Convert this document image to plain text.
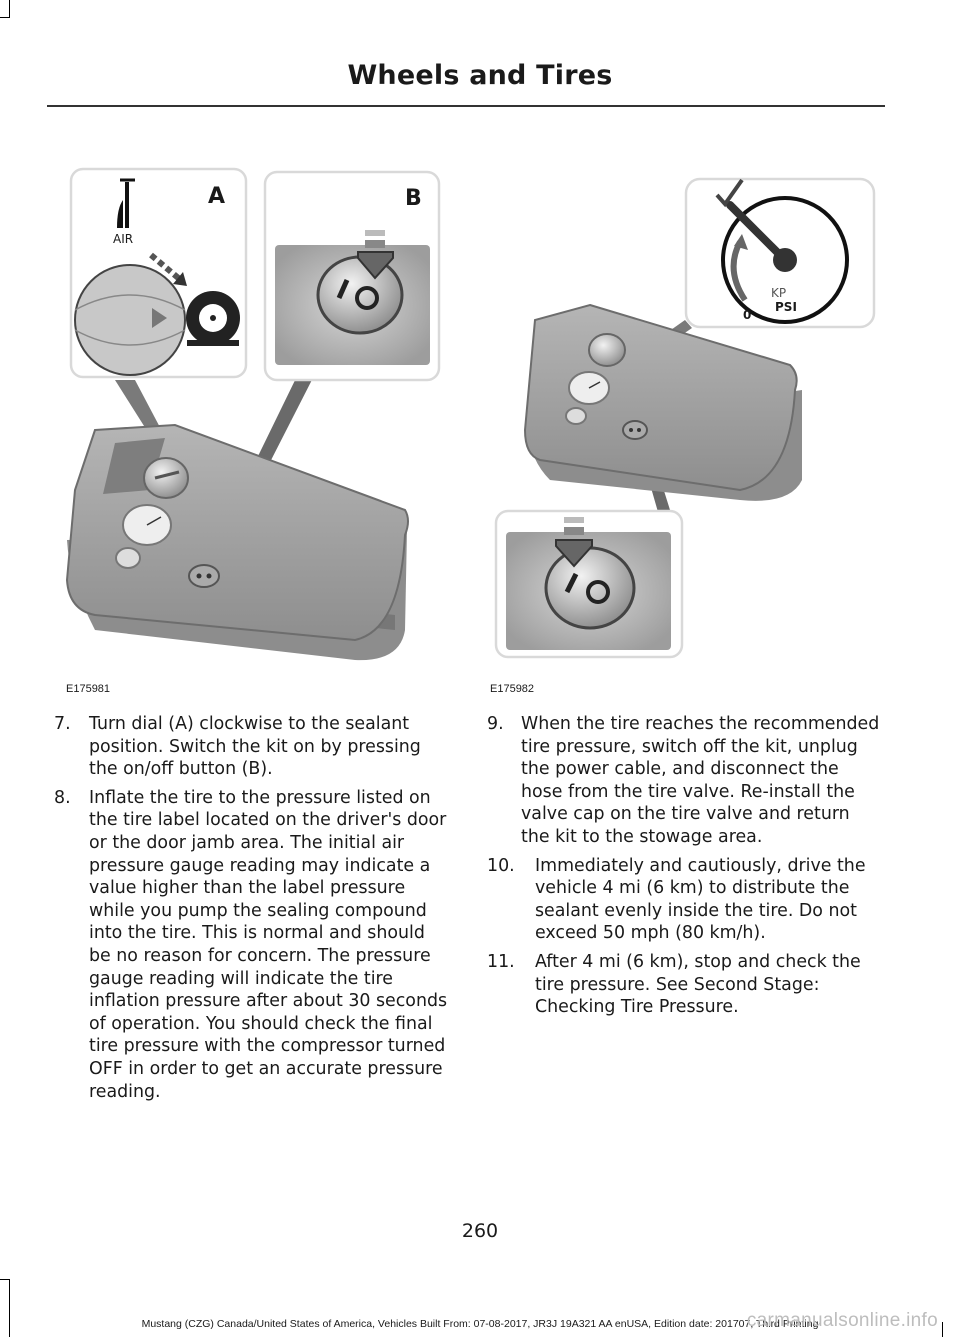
Wheels and Tires
A	B
AIR
E175981
KP
PSI
0
E175982
7. Turn dial (A) clockwise to the sealant position. Switch the kit on by pressing the on/off button (B).
8. Inflate the tire to the pressure listed on the tire label located on the driver's door or the door jamb area. The initial air pressure gauge reading may indicate a value higher than the label pressure while you pump the sealing compound into the tire. This is normal and should be no reason for concern. The pressure gauge reading will indicate the tire inflation pressure after about 30 seconds of operation. You should check the final tire pressure with the compressor turned OFF in order to get an accurate pressure reading.
9. When the tire reaches the recommended tire pressure, switch off the kit, unplug the power cable, and disconnect the hose from the tire valve. Re-install the valve cap on the tire valve and return the kit to the stowage area.
10. Immediately and cautiously, drive the vehicle 4 mi (6 km) to distribute the sealant evenly inside the tire. Do not exceed 50 mph (80 km/h).
11. After 4 mi (6 km), stop and check the tire pressure. See Second Stage: Checking Tire Pressure.
260
Mustang (CZG) Canada/United States of America, Vehicles Built From: 07-08-2017, JR3J 19A321 AA enUSA, Edition date: 201707, Third Printing
carmanualsonline.info
